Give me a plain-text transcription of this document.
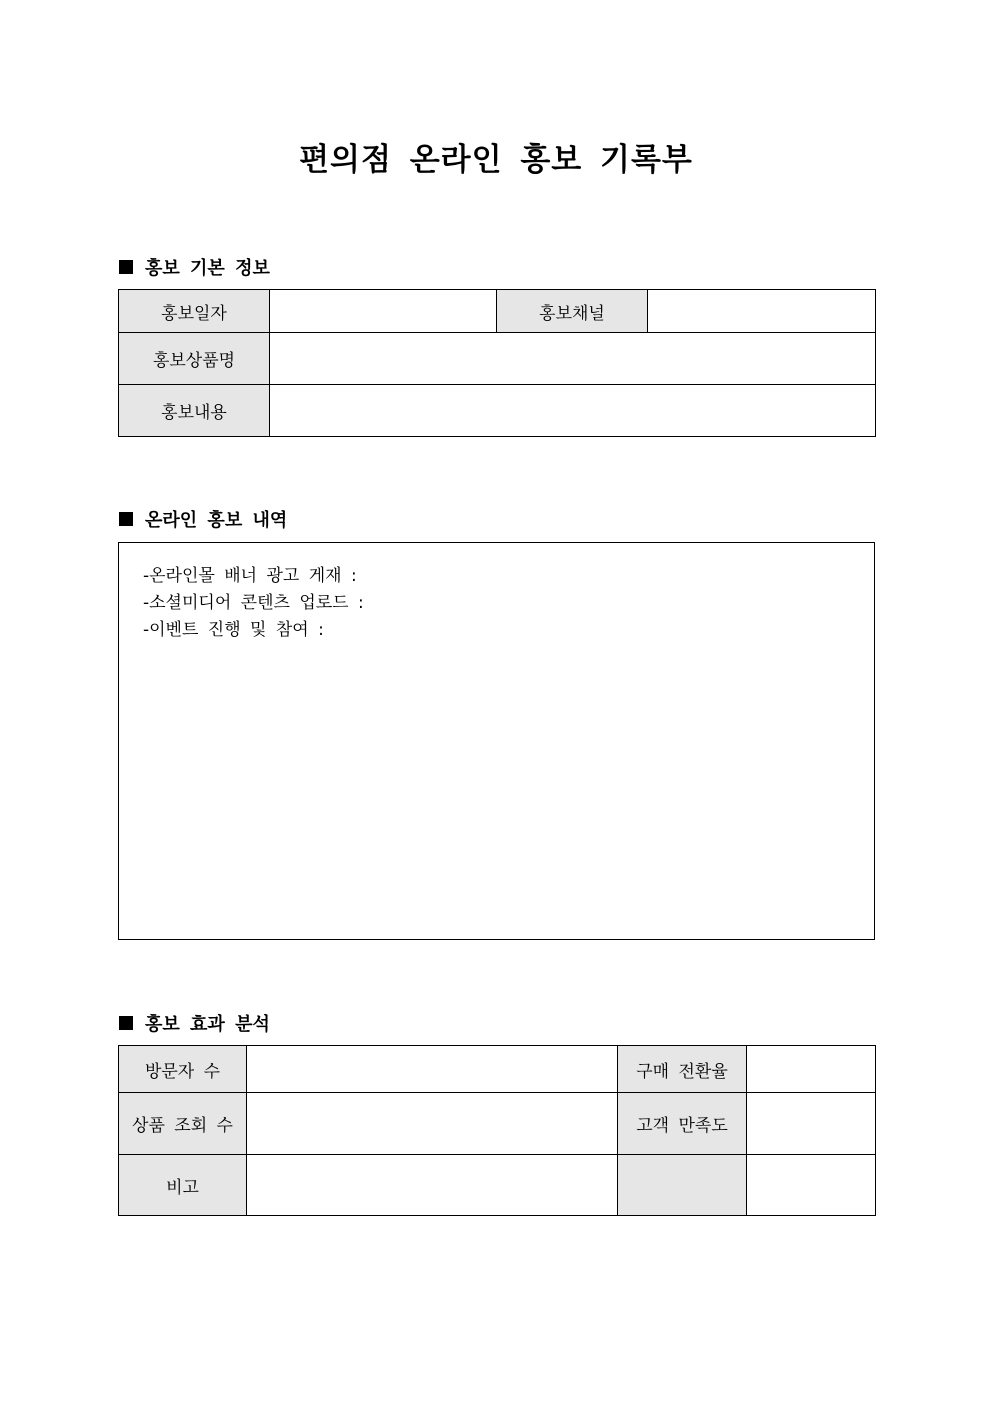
편의점 온라인 홍보 기록부
홍보 기본 정보
홍보일자		홍보채널	
홍보상품명			
홍보내용			
온라인 홍보 내역
-온라인몰 배너 광고 게재 :
-소셜미디어 콘텐츠 업로드 :
-이벤트 진행 및 참여 :
홍보 효과 분석
방문자 수		구매 전환율	
상품 조회 수		고객 만족도	
비고			
